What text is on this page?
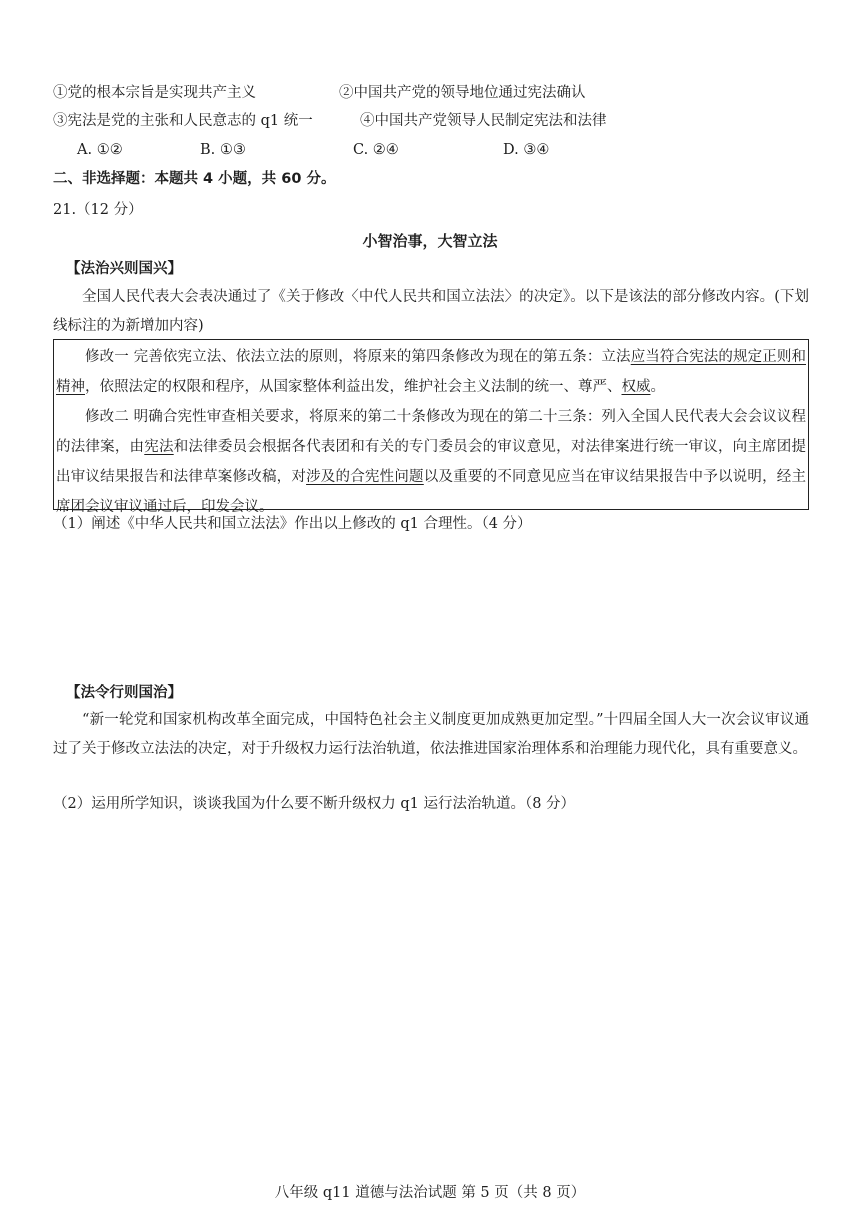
①党的根本宗旨是实现共产主义	②中国共产党的领导地位通过宪法确认
③宪法是党的主张和人民意志的 q1 统一	④中国共产党领导人民制定宪法和法律
A. ①②	B. ①③	C. ②④	D. ③④
二、非选择题：本题共 4 小题，共 60 分。
21.（12 分）
小智治事，大智立法
【法治兴则国兴】
全国人民代表大会表决通过了《关于修改〈中代人民共和国立法法〉的决定》。以下是该法的部分修改内容。(下划线标注的为新增加内容)

修改一 完善依宪立法、依法立法的原则，将原来的第四条修改为现在的第五条：立法应当符合宪法的规定正则和精神，依照法定的权限和程序，从国家整体利益出发，维护社会主义法制的统一、尊严、权威。

修改二 明确合宪性审查相关要求，将原来的第二十条修改为现在的第二十三条：列入全国人民代表大会会议议程的法律案，由宪法和法律委员会根据各代表团和有关的专门委员会的审议意见，对法律案进行统一审议，向主席团提出审议结果报告和法律草案修改稿，对涉及的合宪性问题以及重要的不同意见应当在审议结果报告中予以说明，经主席团会议审议通过后，印发会议。

（1）阐述《中华人民共和国立法法》作出以上修改的 q1 合理性。（4 分）
【法令行则国治】
“新一轮党和国家机构改革全面完成，中国特色社会主义制度更加成熟更加定型。”十四届全国人大一次会议审议通过了关于修改立法法的决定，对于升级权力运行法治轨道，依法推进国家治理体系和治理能力现代化，具有重要意义。
（2）运用所学知识，谈谈我国为什么要不断升级权力 q1 运行法治轨道。（8 分）
八年级 q11 道德与法治试题 第 5 页（共 8 页）
